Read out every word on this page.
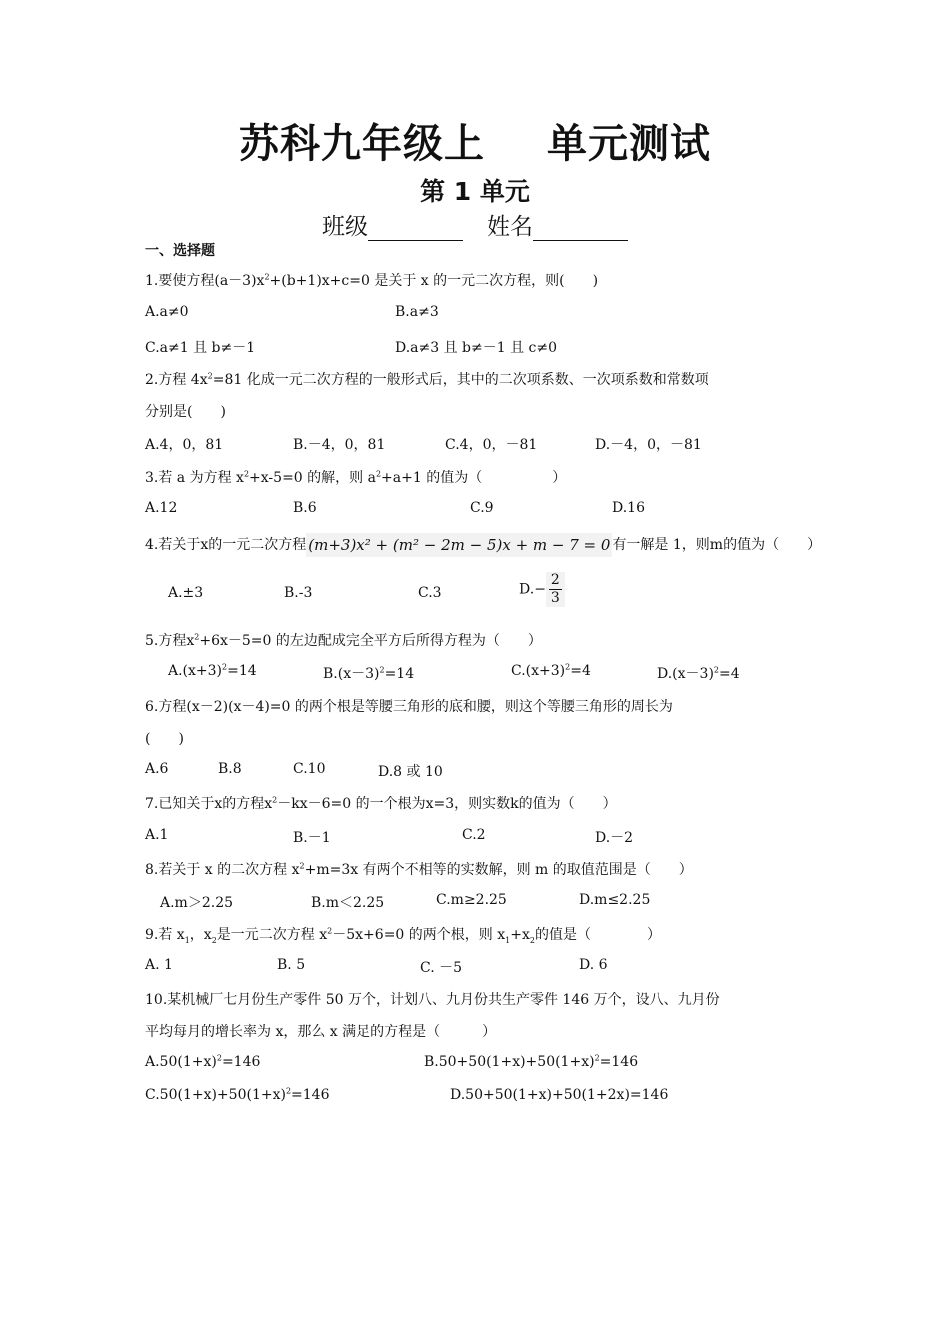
苏科九年级上 单元测试
第 1 单元
班级	姓名
一、选择题
1.要使方程$(a-3)x^2+(b+1)x+c=0$ 是关于 x 的一元二次方程，则(　　)
A.a≠0	B.a≠3
C.a≠1 且 b≠－1	D.a≠3 且 b≠－1 且 c≠0
2.方程 $4x^2=81$ 化成一元二次方程的一般形式后，其中的二次项系数、一次项系数和常数项
分别是(　　)
A.4，0，81	B.－4，0，81	C.4，0，－81	D.－4，0，－81
3.若 a 为方程 $x^2+x-5=0$ 的解，则 $a^2+a+1$ 的值为（　　　　　）
A.12	B.6	C.9	D.16
4.若关于x的一元二次方程 (m+3)x² + (m² − 2m − 5)x + m − 7 = 0 有一解是 1，则m的值为（　　）
A.±3	B.-3	C.3	$D.- \frac{2}{3}$
5.方程$x^2+6x-5=0$ 的左边配成完全平方后所得方程为（　　）
$A.(x+3)^2=14$	$B.(x-3)^2=14$	$C.(x+3)^2=4$	$D.(x-3)^2=4$
6.方程(x－2)(x－4)=0 的两个根是等腰三角形的底和腰，则这个等腰三角形的周长为
(　　)
A.6	B.8	C.10	D.8 或 10
7.已知关于x的方程$x^2-kx-6=0$ 的一个根为x=3，则实数k的值为（　　）
A.1	B.－1	C.2	D.－2
8.若关于 x 的二次方程 $x^2+m=3x$ 有两个不相等的实数解，则 m 的取值范围是（　　）
A.m＞2.25	B.m＜2.25	C.m≥2.25	D.m≤2.25
9.若 $x_1$，$x_2$是一元二次方程 $x^2-5x+6=0$ 的两个根，则 $x_1+x_2$的值是（　　　　）
A. 1	B. 5	C. －5	D. 6
10.某机械厂七月份生产零件 50 万个，计划八、九月份共生产零件 146 万个，设八、九月份
平均每月的增长率为 x，那么 x 满足的方程是（　　　）
$A.50(1+x)^2=146$	$B.50+50(1+x)+50(1+x)^2=146$
$C.50(1+x)+50(1+x)^2=146$	D.50+50(1+x)+50(1+2x)=146
